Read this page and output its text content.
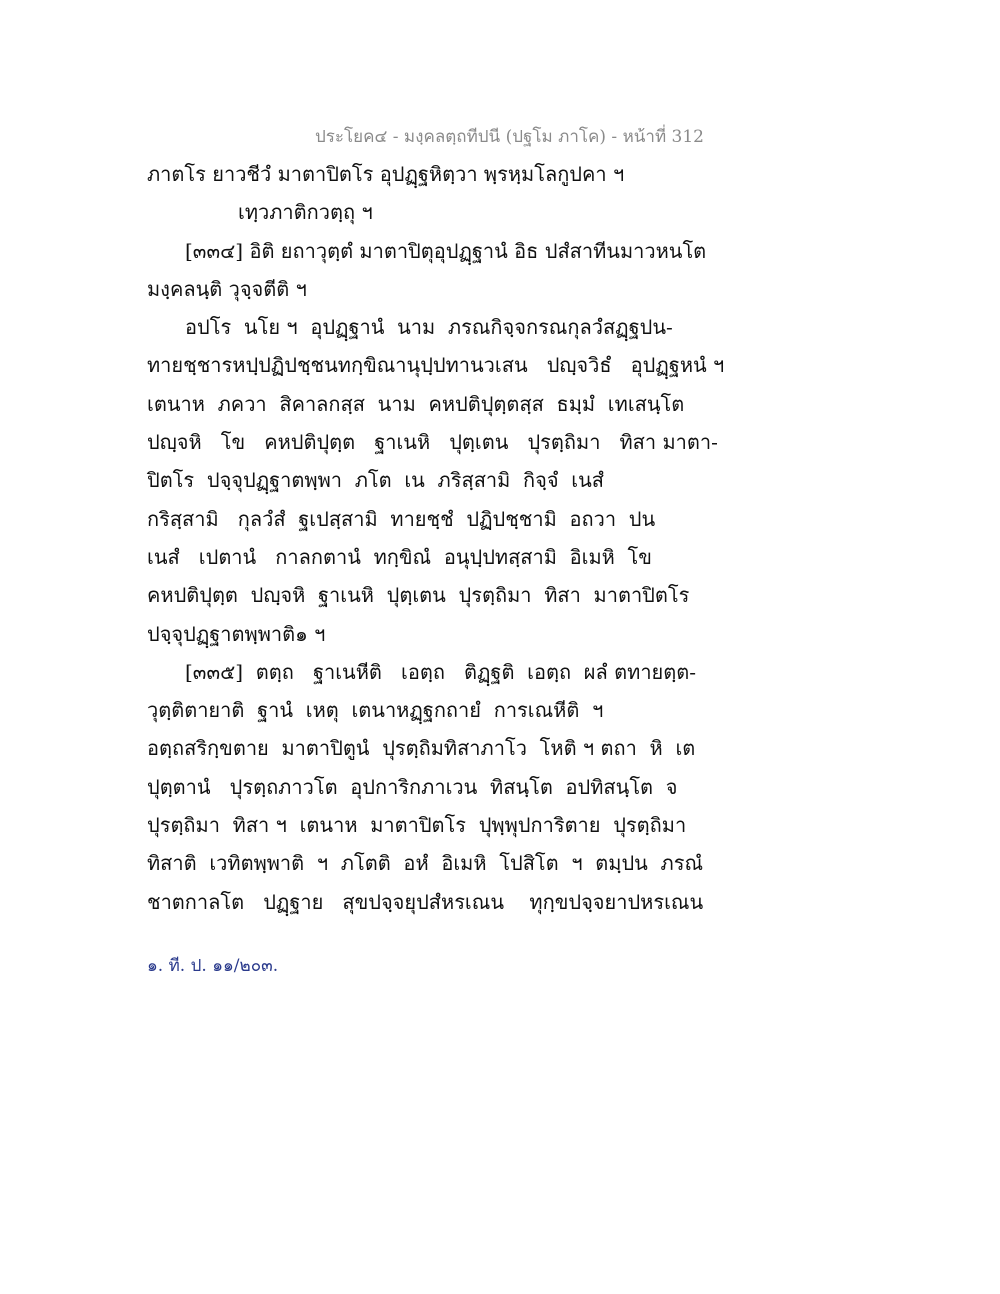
ประโยค๔ - มงฺคลตฺถทีปนี (ปฐโม ภาโค) - หน้าที่ 312
ภาตโร ยาวชีวํ มาตาปิตโร อุปฏฺฐหิตฺวา พฺรหฺมโลกูปคา ฯ
เทฺวภาติกวตฺถุ ฯ
[๓๓๔] อิติ ยถาวุตฺตํ มาตาปิตุอุปฏฺฐานํ อิธ ปสํสาทีนมาวหนโต
มงฺคลนฺติ วุจฺจตีติ ฯ
อปโร  นโย ฯ  อุปฏฺฐานํ  นาม  ภรณกิจฺจกรณกุลวํสฏฺฐปน-
ทายชฺชารหปฺปฏิปชฺชนทกฺขิณานุปฺปทานวเสน   ปญฺจวิธํ   อุปฏฺฐหนํ ฯ
เตนาห  ภควา  สิคาลกสฺส  นาม  คหปติปุตฺตสฺส  ธมฺมํ  เทเสนฺโต
ปญฺจหิ   โข   คหปติปุตฺต   ฐาเนหิ   ปุตฺเตน   ปุรตฺถิมา   ทิสา มาตา-
ปิตโร  ปจฺจุปฏฺฐาตพฺพา  ภโต  เน  ภริสฺสามิ  กิจฺจํ  เนสํ
กริสฺสามิ   กุลวํสํ  ฐเปสฺสามิ  ทายชฺชํ  ปฏิปชฺชามิ  อถวา  ปน
เนสํ   เปตานํ   กาลกตานํ  ทกฺขิณํ  อนุปฺปทสฺสามิ  อิเมหิ  โข
คหปติปุตฺต  ปญฺจหิ  ฐาเนหิ  ปุตฺเตน  ปุรตฺถิมา  ทิสา  มาตาปิตโร
ปจฺจุปฏฺฐาตพฺพาติ๑ ฯ
[๓๓๕]  ตตฺถ   ฐาเนหีติ   เอตฺถ   ติฏฺฐติ  เอตฺถ  ผลํ ตทายตฺต-
วุตฺติตายาติ  ฐานํ  เหตุ  เตนาหฏฺฐกถายํ  การเณหีติ  ฯ
อตฺถสริกฺขตาย  มาตาปิตูนํ  ปุรตฺถิมทิสาภาโว  โหติ ฯ ตถา  หิ  เต
ปุตฺตานํ   ปุรตฺถภาวโต  อุปการิกภาเวน  ทิสนฺโต  อปทิสนฺโต  จ
ปุรตฺถิมา  ทิสา ฯ  เตนาห  มาตาปิตโร  ปุพฺพุปการิตาย  ปุรตฺถิมา
ทิสาติ  เวทิตพฺพาติ  ฯ  ภโตติ  อหํ  อิเมหิ  โปสิโต  ฯ  ตมฺปน  ภรณํ
ชาตกาลโต   ปฏฺฐาย   สุขปจฺจยุปสํหรเณน    ทุกฺขปจฺจยาปหรเณน
๑. ที. ป. ๑๑/๒๐๓.
